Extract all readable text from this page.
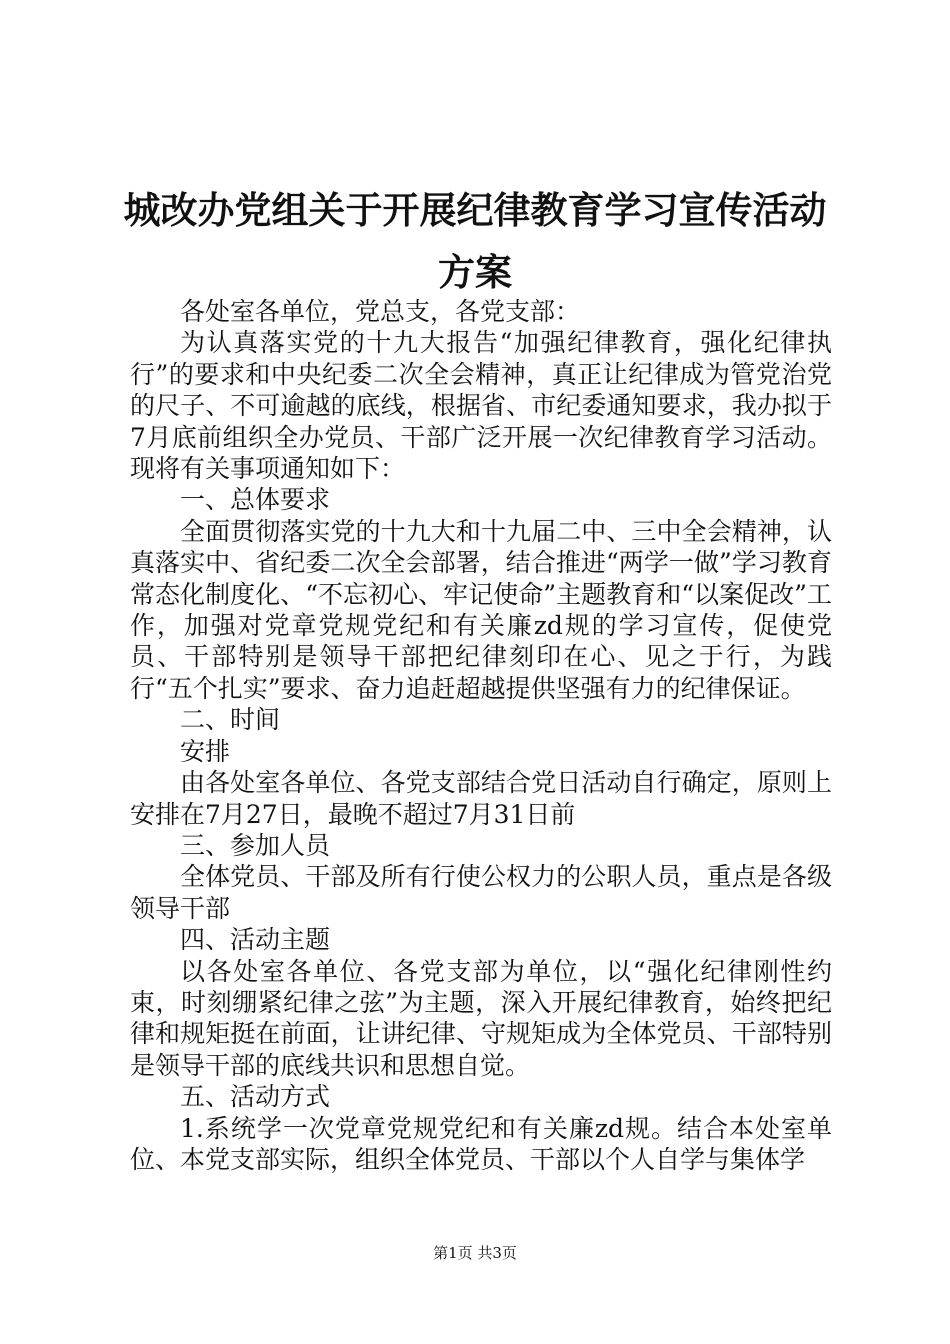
城改办党组关于开展纪律教育学习宣传活动方案

各处室各单位，党总支，各党支部：

为认真落实党的十九大报告“加强纪律教育，强化纪律执行”的要求和中央纪委二次全会精神，真正让纪律成为管党治党的尺子、不可逾越的底线，根据省、市纪委通知要求，我办拟于7月底前组织全办党员、干部广泛开展一次纪律教育学习活动。现将有关事项通知如下：

一、总体要求

全面贯彻落实党的十九大和十九届二中、三中全会精神，认真落实中、省纪委二次全会部署，结合推进“两学一做”学习教育常态化制度化、“不忘初心、牢记使命”主题教育和“以案促改”工作，加强对党章党规党纪和有关廉zd规的学习宣传，促使党员、干部特别是领导干部把纪律刻印在心、见之于行，为践行“五个扎实”要求、奋力追赶超越提供坚强有力的纪律保证。

二、时间

安排

由各处室各单位、各党支部结合党日活动自行确定，原则上安排在7月27日，最晚不超过7月31日前

三、参加人员

全体党员、干部及所有行使公权力的公职人员，重点是各级领导干部

四、活动主题

以各处室各单位、各党支部为单位，以“强化纪律刚性约束，时刻绷紧纪律之弦”为主题，深入开展纪律教育，始终把纪律和规矩挺在前面，让讲纪律、守规矩成为全体党员、干部特别是领导干部的底线共识和思想自觉。

五、活动方式

1.系统学一次党章党规党纪和有关廉zd规。结合本处室单位、本党支部实际，组织全体党员、干部以个人自学与集体学

第1页 共3页
